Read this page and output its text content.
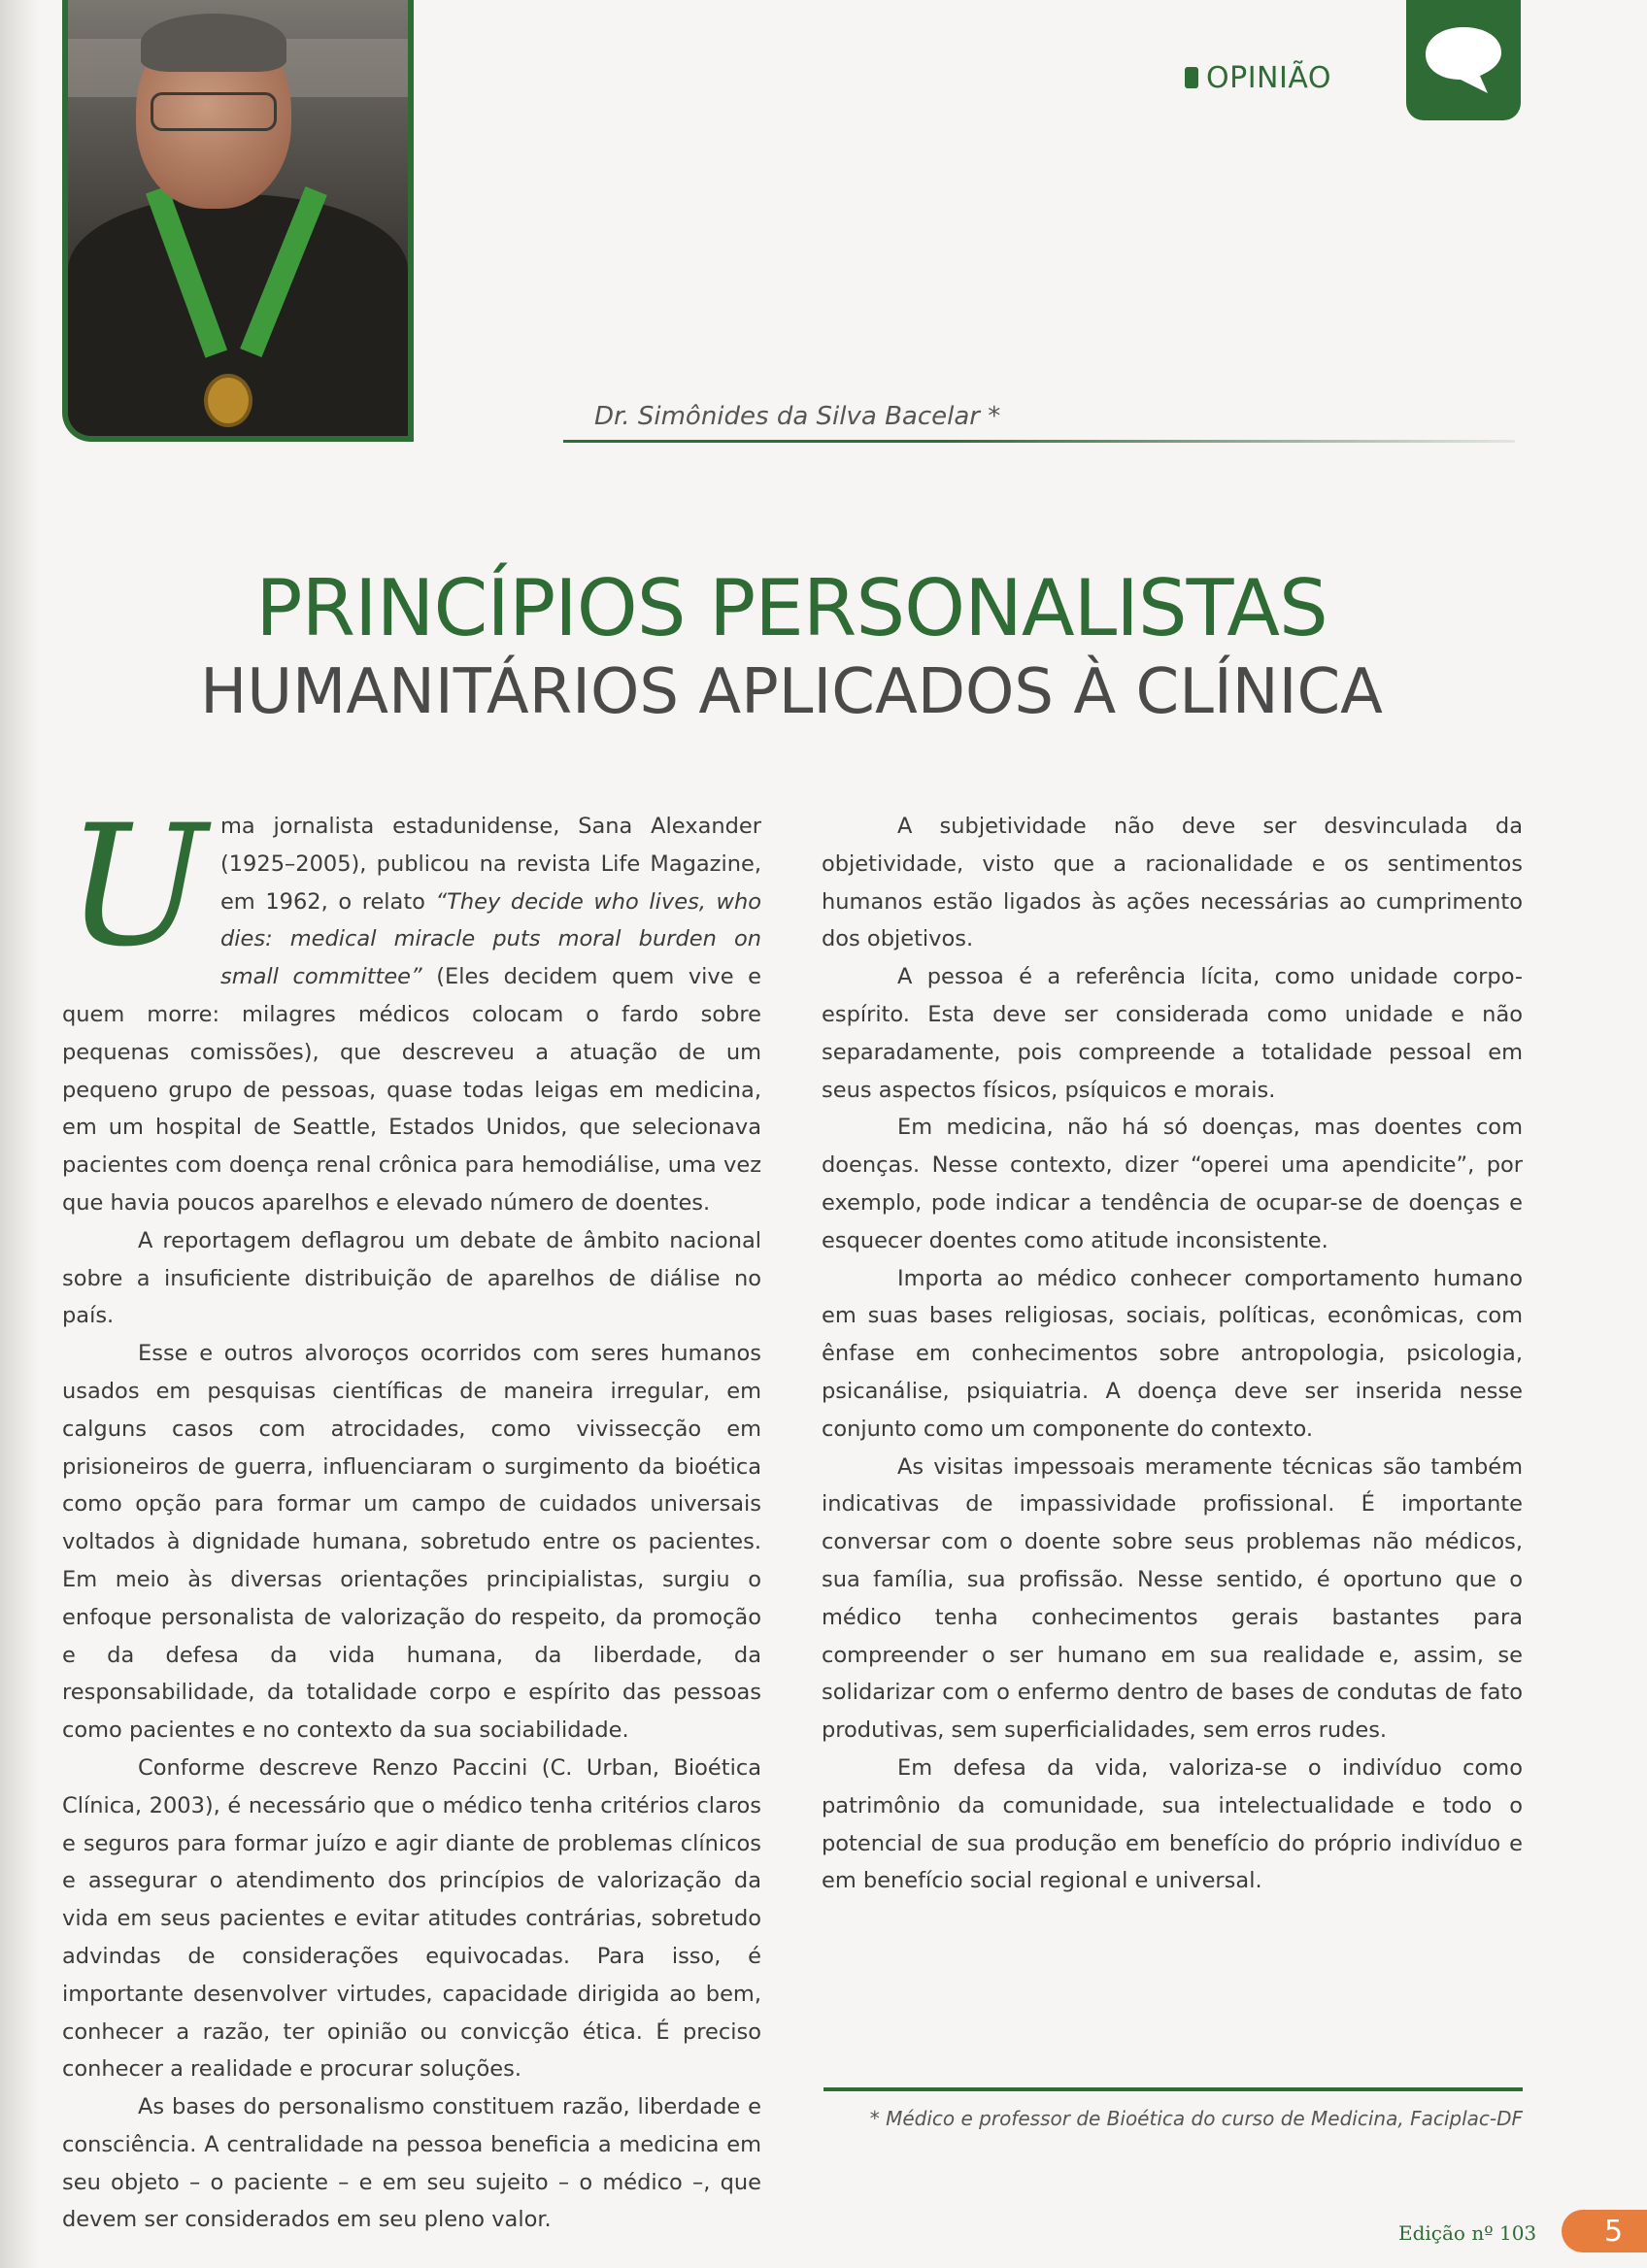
OPINIÃO
Dr. Simônides da Silva Bacelar *
PRINCÍPIOS PERSONALISTAS
HUMANITÁRIOS APLICADOS À CLÍNICA

Uma jornalista estadunidense, Sana Alexander (1925–2005), publicou na revista Life Magazine, em 1962, o relato “They decide who lives, who dies: medical miracle puts moral burden on small committee” (Eles decidem quem vive e quem morre: milagres médicos colocam o fardo sobre pequenas comissões), que descreveu a atuação de um pequeno grupo de pessoas, quase todas leigas em medicina, em um hospital de Seattle, Estados Unidos, que selecionava pacientes com doença renal crônica para hemodiálise, uma vez que havia poucos aparelhos e elevado número de doentes.

A reportagem deflagrou um debate de âmbito nacional sobre a insuficiente distribuição de aparelhos de diálise no país.

Esse e outros alvoroços ocorridos com seres humanos usados em pesquisas científicas de maneira irregular, em calguns casos com atrocidades, como vivissecção em prisioneiros de guerra, influenciaram o surgimento da bioética como opção para formar um campo de cuidados universais voltados à dignidade humana, sobretudo entre os pacientes. Em meio às diversas orientações principialistas, surgiu o enfoque personalista de valorização do respeito, da promoção e da defesa da vida humana, da liberdade, da responsabilidade, da totalidade corpo e espírito das pessoas como pacientes e no contexto da sua sociabilidade.

Conforme descreve Renzo Paccini (C. Urban, Bioética Clínica, 2003), é necessário que o médico tenha critérios claros e seguros para formar juízo e agir diante de problemas clínicos e assegurar o atendimento dos princípios de valorização da vida em seus pacientes e evitar atitudes contrárias, sobretudo advindas de considerações equivocadas. Para isso, é importante desenvolver virtudes, capacidade dirigida ao bem, conhecer a razão, ter opinião ou convicção ética. É preciso conhecer a realidade e procurar soluções.

As bases do personalismo constituem razão, liberdade e consciência. A centralidade na pessoa beneficia a medicina em seu objeto – o paciente – e em seu sujeito – o médico –, que devem ser considerados em seu pleno valor.

A subjetividade não deve ser desvinculada da objetividade, visto que a racionalidade e os sentimentos humanos estão ligados às ações necessárias ao cumprimento dos objetivos.

A pessoa é a referência lícita, como unidade corpo-espírito. Esta deve ser considerada como unidade e não separadamente, pois compreende a totalidade pessoal em seus aspectos físicos, psíquicos e morais.

Em medicina, não há só doenças, mas doentes com doenças. Nesse contexto, dizer “operei uma apendicite”, por exemplo, pode indicar a tendência de ocupar-se de doenças e esquecer doentes como atitude inconsistente.

Importa ao médico conhecer comportamento humano em suas bases religiosas, sociais, políticas, econômicas, com ênfase em conhecimentos sobre antropologia, psicologia, psicanálise, psiquiatria. A doença deve ser inserida nesse conjunto como um componente do contexto.

As visitas impessoais meramente técnicas são também indicativas de impassividade profissional. É importante conversar com o doente sobre seus problemas não médicos, sua família, sua profissão. Nesse sentido, é oportuno que o médico tenha conhecimentos gerais bastantes para compreender o ser humano em sua realidade e, assim, se solidarizar com o enfermo dentro de bases de condutas de fato produtivas, sem superficialidades, sem erros rudes.

Em defesa da vida, valoriza-se o indivíduo como patrimônio da comunidade, sua intelectualidade e todo o potencial de sua produção em benefício do próprio indivíduo e em benefício social regional e universal.

* Médico e professor de Bioética do curso de Medicina, Faciplac-DF
Edição nº 103	5
